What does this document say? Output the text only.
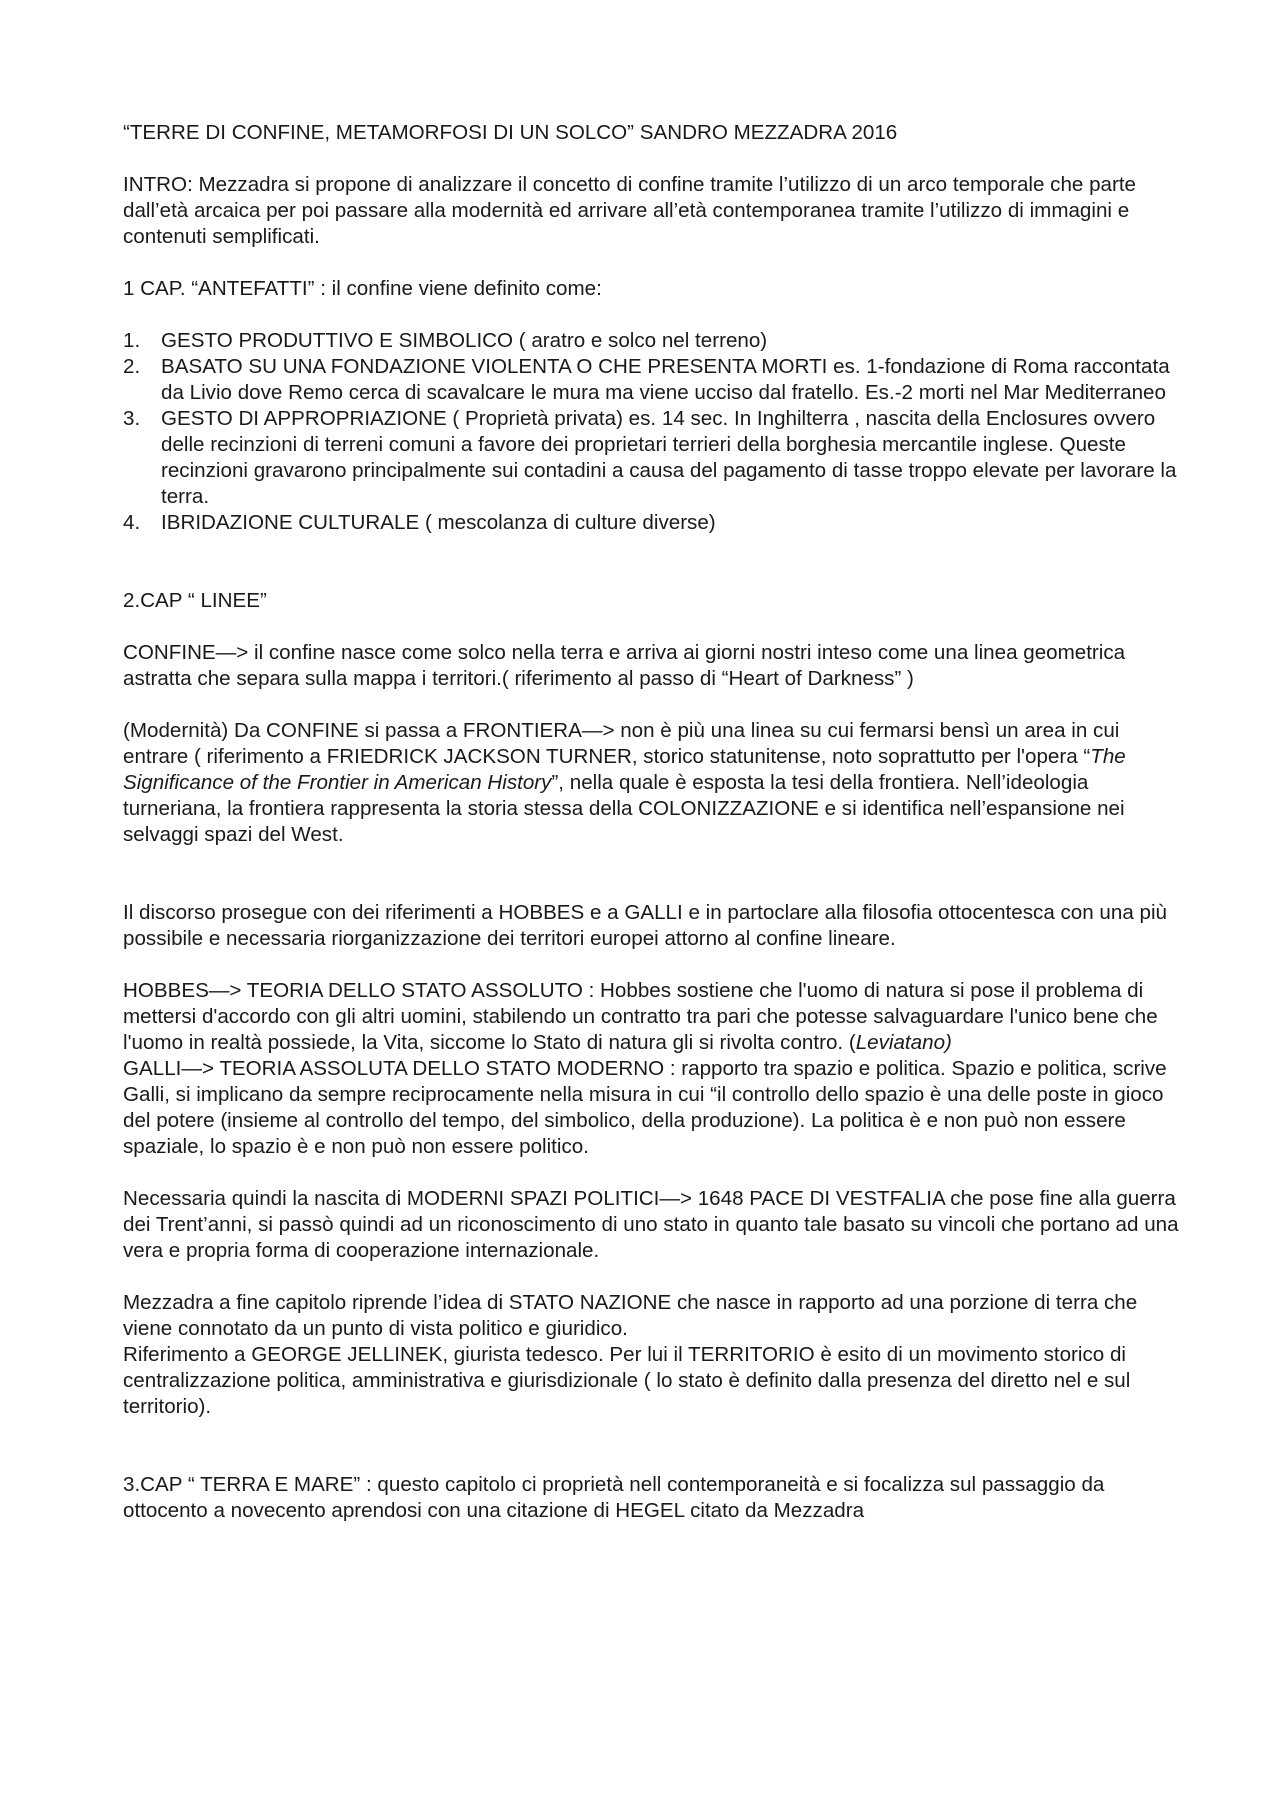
“TERRE DI CONFINE, METAMORFOSI DI UN SOLCO” SANDRO MEZZADRA 2016

INTRO: Mezzadra si propone di analizzare il concetto di confine tramite l’utilizzo di un arco temporale che parte dall’età arcaica per poi passare alla modernità ed arrivare all’età contemporanea tramite l’utilizzo di immagini e contenuti semplificati.

1 CAP. “ANTEFATTI” : il confine viene definito come:

1. GESTO PRODUTTIVO E SIMBOLICO ( aratro e solco nel terreno)
2. BASATO SU UNA FONDAZIONE VIOLENTA O CHE PRESENTA MORTI es. 1-fondazione di Roma raccontata da Livio dove Remo cerca di scavalcare le mura ma viene ucciso dal fratello. Es.-2 morti nel Mar Mediterraneo
3. GESTO DI APPROPRIAZIONE ( Proprietà privata) es. 14 sec. In Inghilterra , nascita della Enclosures ovvero delle recinzioni di terreni comuni a favore dei proprietari terrieri della borghesia mercantile inglese. Queste recinzioni gravarono principalmente sui contadini a causa del pagamento di tasse troppo elevate per lavorare la terra.
4. IBRIDAZIONE CULTURALE ( mescolanza di culture diverse)

2.CAP “ LINEE”

CONFINE—> il confine nasce come solco nella terra e arriva ai giorni nostri inteso come una linea geometrica astratta che separa sulla mappa i territori.( riferimento al passo di “Heart of Darkness” )

(Modernità) Da CONFINE si passa a FRONTIERA—> non è più una linea su cui fermarsi bensì un area in cui entrare ( riferimento a FRIEDRICK JACKSON TURNER, storico statunitense, noto soprattutto per l'opera “The Significance of the Frontier in American History”, nella quale è esposta la tesi della frontiera. Nell’ideologia turneriana, la frontiera rappresenta la storia stessa della COLONIZZAZIONE e si identifica nell’espansione nei selvaggi spazi del West.

Il discorso prosegue con dei riferimenti a HOBBES e a GALLI e in partoclare alla filosofia ottocentesca con una più possibile e necessaria riorganizzazione dei territori europei attorno al confine lineare.

HOBBES—> TEORIA DELLO STATO ASSOLUTO : Hobbes sostiene che l'uomo di natura si pose il problema di mettersi d'accordo con gli altri uomini, stabilendo un contratto tra pari che potesse salvaguardare l'unico bene che l'uomo in realtà possiede, la Vita, siccome lo Stato di natura gli si rivolta contro. (Leviatano)

GALLI—> TEORIA ASSOLUTA DELLO STATO MODERNO : rapporto tra spazio e politica. Spazio e politica, scrive Galli, si implicano da sempre reciprocamente nella misura in cui “il controllo dello spazio è una delle poste in gioco del potere (insieme al controllo del tempo, del simbolico, della produzione). La politica è e non può non essere spaziale, lo spazio è e non può non essere politico.

Necessaria quindi la nascita di MODERNI SPAZI POLITICI—> 1648 PACE DI VESTFALIA che pose fine alla guerra dei Trent’anni, si passò quindi ad un riconoscimento di uno stato in quanto tale basato su vincoli che portano ad una vera e propria forma di cooperazione internazionale.

Mezzadra a fine capitolo riprende l’idea di STATO NAZIONE che nasce in rapporto ad una porzione di terra che viene connotato da un punto di vista politico e giuridico.

Riferimento a GEORGE JELLINEK, giurista tedesco. Per lui il TERRITORIO è esito di un movimento storico di centralizzazione politica, amministrativa e giurisdizionale ( lo stato è definito dalla presenza del diretto nel e sul territorio).

3.CAP “ TERRA E MARE” : questo capitolo ci proprietà nell contemporaneità e si focalizza sul passaggio da ottocento a novecento aprendosi con una citazione di HEGEL citato da Mezzadra
